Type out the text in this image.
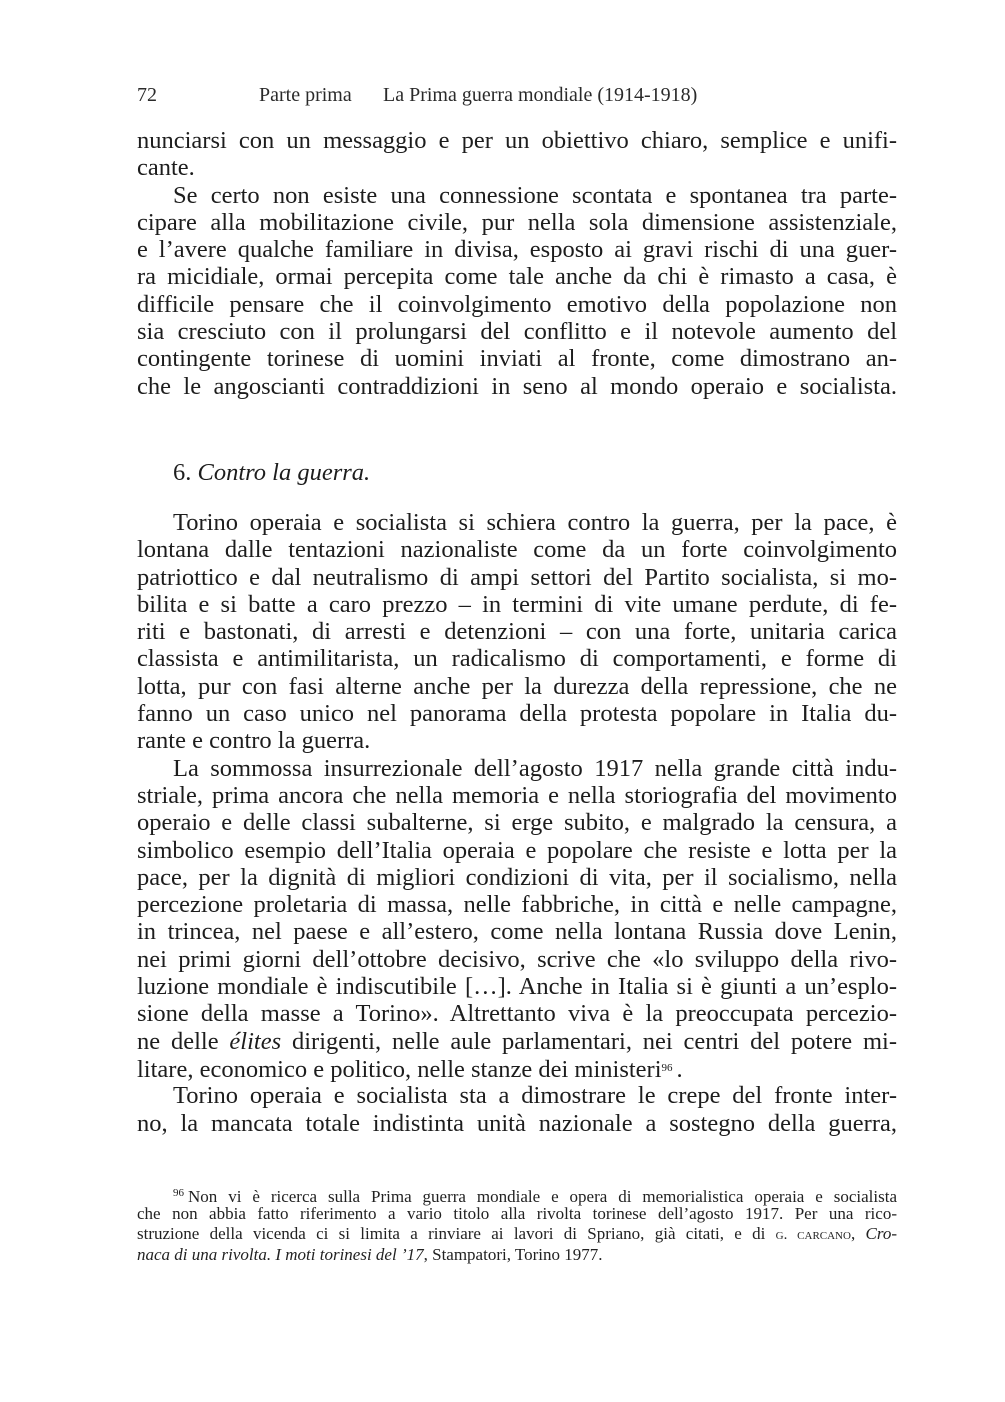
72	Parte prima La Prima guerra mondiale (1914-1918)
nunciarsi con un messaggio e per un obiettivo chiaro, semplice e unifi-
cante.
Se certo non esiste una connessione scontata e spontanea tra parte-
cipare alla mobilitazione civile, pur nella sola dimensione assistenziale,
e l’avere qualche familiare in divisa, esposto ai gravi rischi di una guer-
ra micidiale, ormai percepita come tale anche da chi è rimasto a casa, è
difficile pensare che il coinvolgimento emotivo della popolazione non
sia cresciuto con il prolungarsi del conflitto e il notevole aumento del
contingente torinese di uomini inviati al fronte, come dimostrano an-
che le angoscianti contraddizioni in seno al mondo operaio e socialista.
6. Contro la guerra.
Torino operaia e socialista si schiera contro la guerra, per la pace, è
lontana dalle tentazioni nazionaliste come da un forte coinvolgimento
patriottico e dal neutralismo di ampi settori del Partito socialista, si mo-
bilita e si batte a caro prezzo – in termini di vite umane perdute, di fe-
riti e bastonati, di arresti e detenzioni – con una forte, unitaria carica
classista e antimilitarista, un radicalismo di comportamenti, e forme di
lotta, pur con fasi alterne anche per la durezza della repressione, che ne
fanno un caso unico nel panorama della protesta popolare in Italia du-
rante e contro la guerra.
La sommossa insurrezionale dell’agosto 1917 nella grande città indu-
striale, prima ancora che nella memoria e nella storiografia del movimento
operaio e delle classi subalterne, si erge subito, e malgrado la censura, a
simbolico esempio dell’Italia operaia e popolare che resiste e lotta per la
pace, per la dignità di migliori condizioni di vita, per il socialismo, nella
percezione proletaria di massa, nelle fabbriche, in città e nelle campagne,
in trincea, nel paese e all’estero, come nella lontana Russia dove Lenin,
nei primi giorni dell’ottobre decisivo, scrive che «lo sviluppo della rivo-
luzione mondiale è indiscutibile […]. Anche in Italia si è giunti a un’esplo-
sione della masse a Torino». Altrettanto viva è la preoccupata percezio-
ne delle élites dirigenti, nelle aule parlamentari, nei centri del potere mi-
litare, economico e politico, nelle stanze dei ministeri$^{96}$ .
Torino operaia e socialista sta a dimostrare le crepe del fronte inter-
no, la mancata totale indistinta unità nazionale a sostegno della guerra,
$^{96}$ Non vi è ricerca sulla Prima guerra mondiale e opera di memorialistica operaia e socialista
che non abbia fatto riferimento a vario titolo alla rivolta torinese dell’agosto 1917. Per una rico-
struzione della vicenda ci si limita a rinviare ai lavori di Spriano, già citati, e di g. carcano, Cro-
naca di una rivolta. I moti torinesi del ’17, Stampatori, Torino 1977.
